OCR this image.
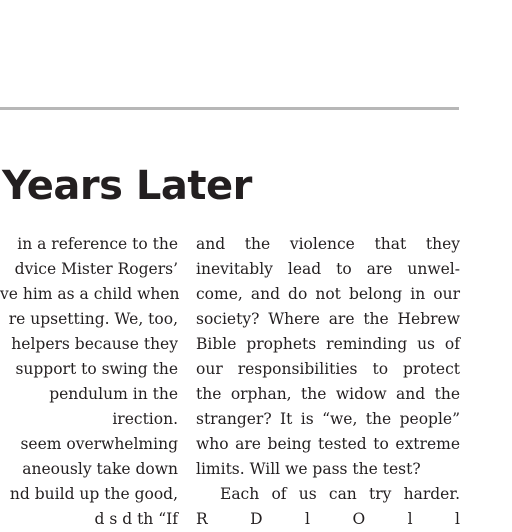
Years Later
in a reference to the
dvice Mister Rogers’
ve him as a child when
re upsetting. We, too,
helpers because they
support to swing the
pendulum in the
irection.
seem overwhelming
aneously take down
nd build up the good,
d s d th “If
and the violence that they
inevitably lead to are unwel-
come, and do not belong in our
society? Where are the Hebrew
Bible prophets reminding us of
our responsibilities to protect
the orphan, the widow and the
stranger? It is “we, the people”
who are being tested to extreme
limits. Will we pass the test?
Each of us can try harder.
R D l O l l
